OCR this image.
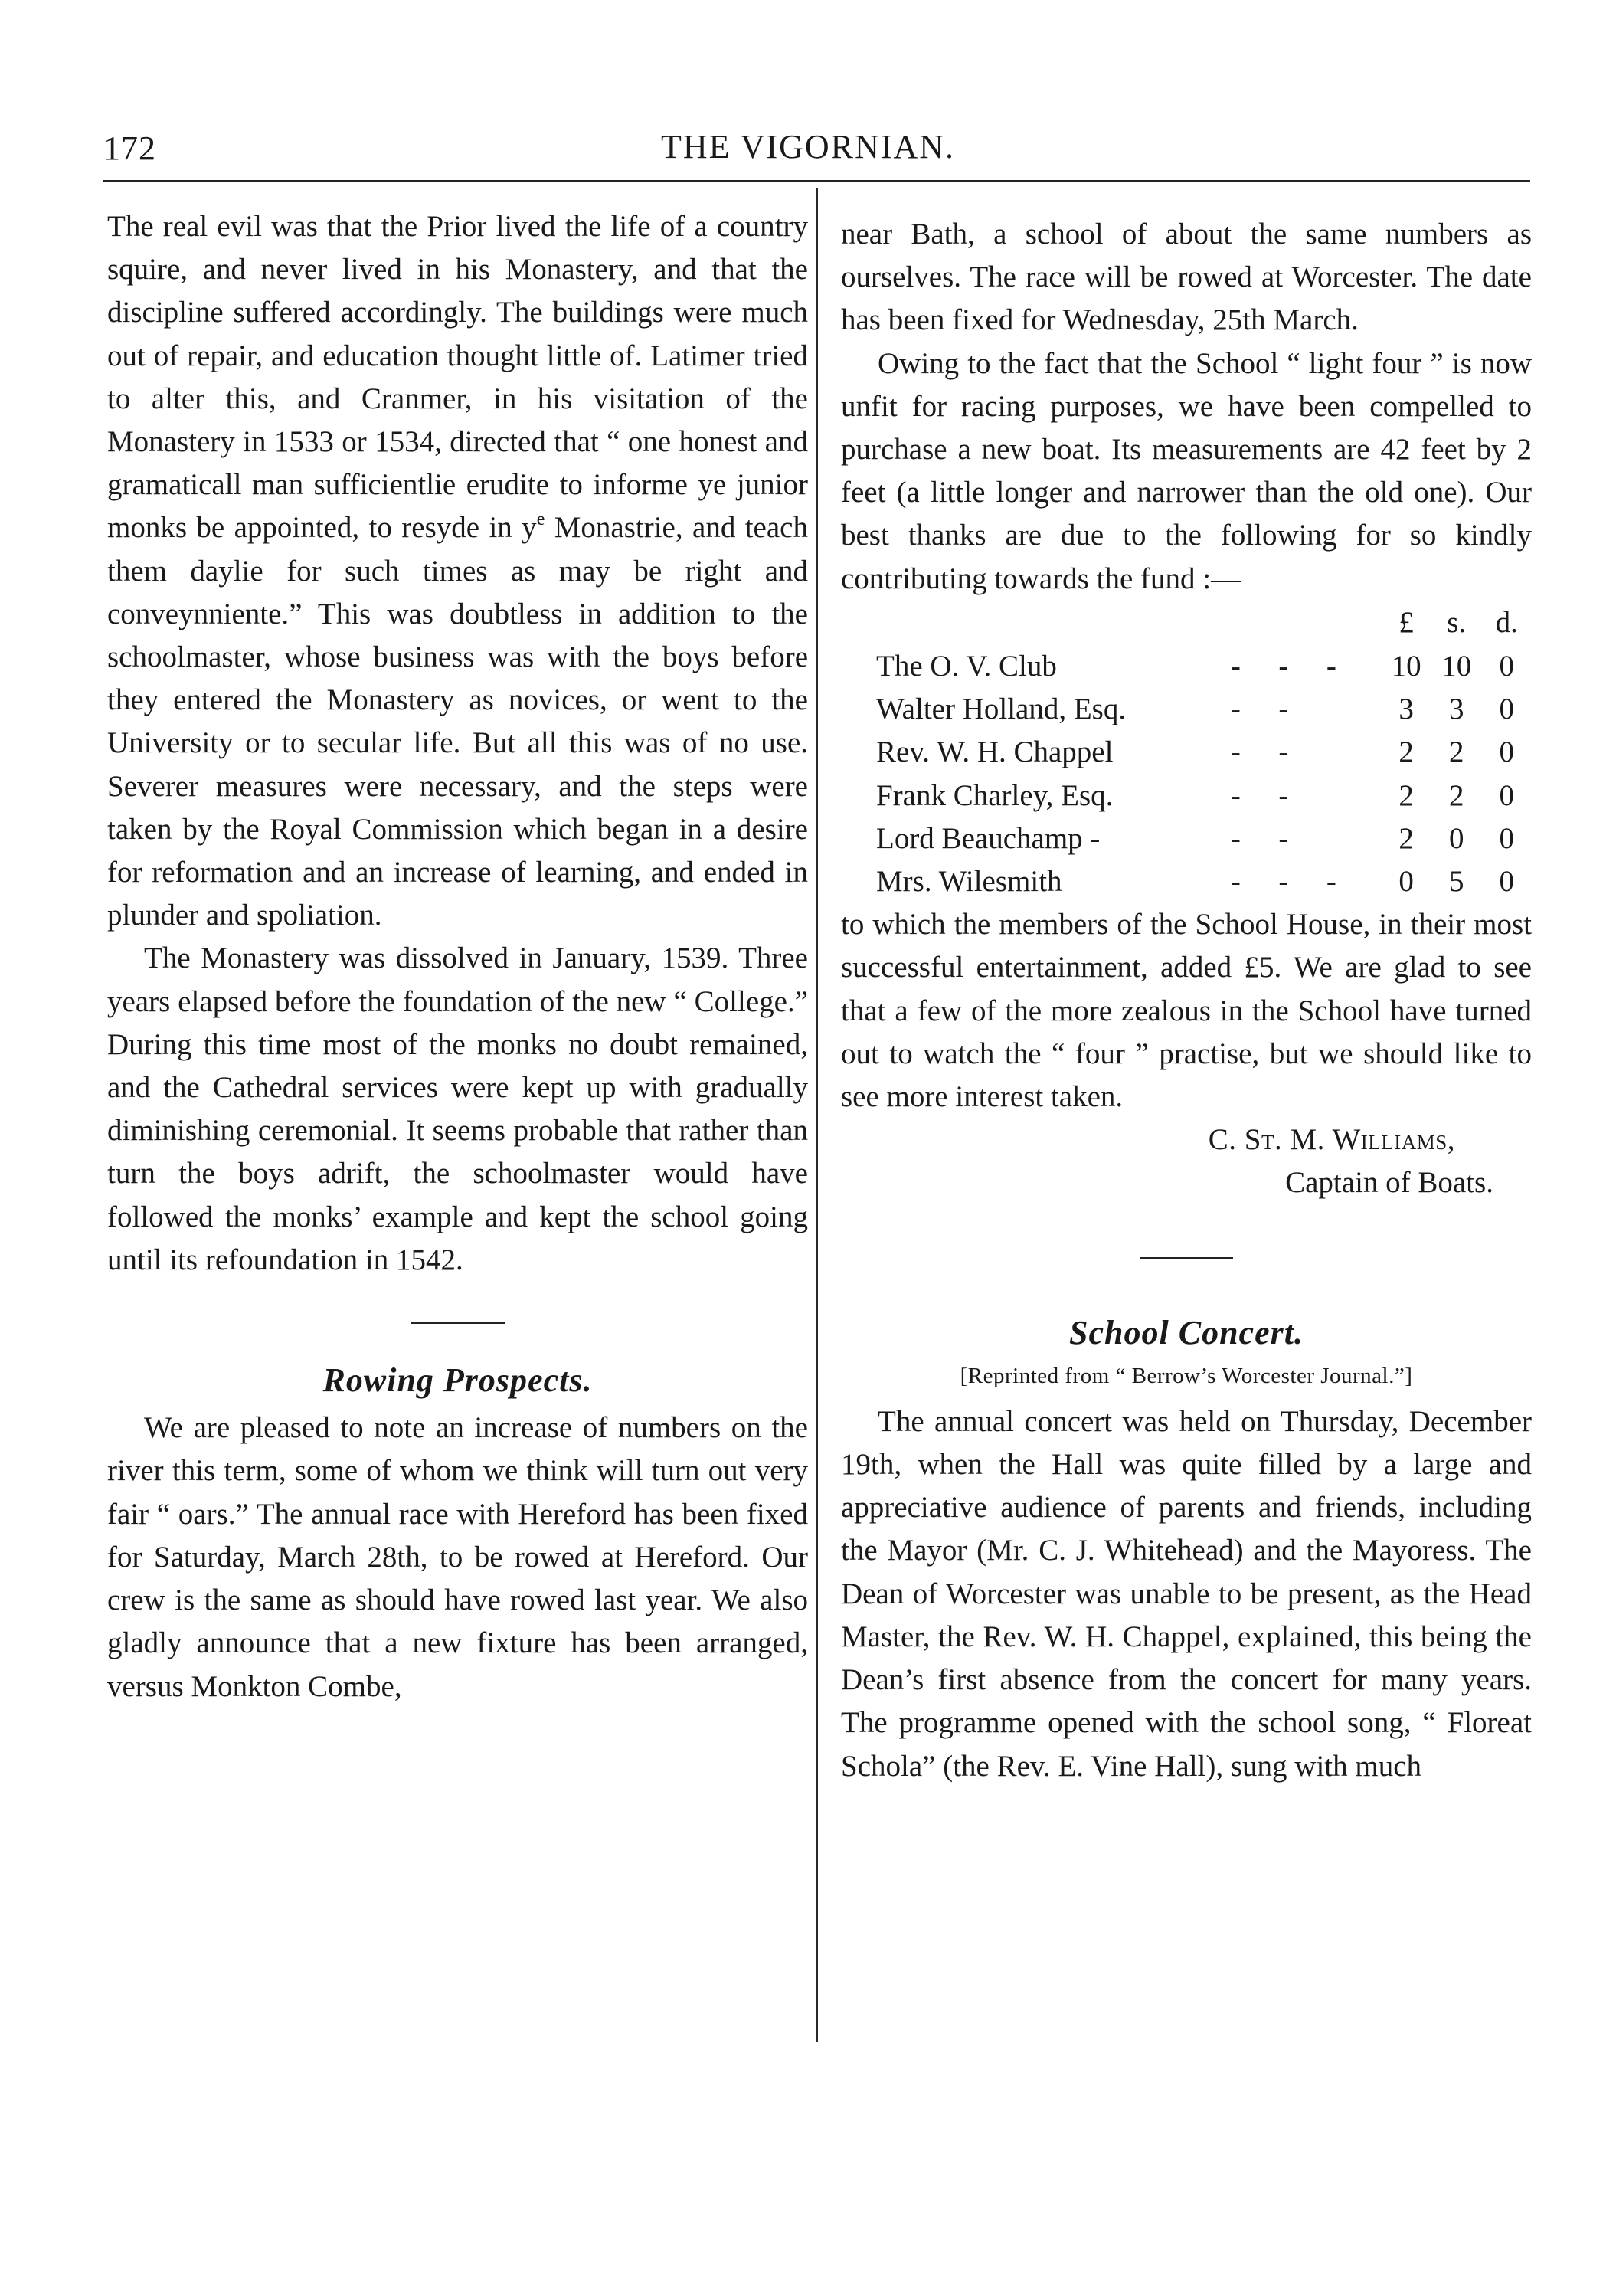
172	THE VIGORNIAN.

The real evil was that the Prior lived the life of a country squire, and never lived in his Monastery, and that the discipline suffered accordingly. The buildings were much out of repair, and education thought little of. Latimer tried to alter this, and Cranmer, in his visitation of the Monastery in 1533 or 1534, directed that “ one honest and gramaticall man sufficientlie erudite to informe ye junior monks be appointed, to resyde in $y^e$ Monastrie, and teach them daylie for such times as may be right and conveynniente.” This was doubtless in addition to the schoolmaster, whose business was with the boys before they entered the Monastery as novices, or went to the University or to secular life. But all this was of no use. Severer measures were necessary, and the steps were taken by the Royal Commission which began in a desire for reformation and an increase of learning, and ended in plunder and spoliation.

The Monastery was dissolved in January, 1539. Three years elapsed before the foundation of the new “ College.” During this time most of the monks no doubt remained, and the Cathedral services were kept up with gradually diminishing ceremonial. It seems probable that rather than turn the boys adrift, the schoolmaster would have followed the monks’ example and kept the school going until its refoundation in 1542.

Rowing Prospects.

We are pleased to note an increase of numbers on the river this term, some of whom we think will turn out very fair “ oars.” The annual race with Hereford has been fixed for Saturday, March 28th, to be rowed at Hereford. Our crew is the same as should have rowed last year. We also gladly announce that a new fixture has been arranged, versus Monkton Combe,

near Bath, a school of about the same numbers as ourselves. The race will be rowed at Worcester. The date has been fixed for Wednesday, 25th March.

Owing to the fact that the School “ light four ” is now unfit for racing purposes, we have been compelled to purchase a new boat. Its measurements are 42 feet by 2 feet (a little longer and narrower than the old one). Our best thanks are due to the following for so kindly contributing towards the fund :—

		£	s.	d.
The O. V. Club	-  -  -	10	10	0
Walter Holland, Esq.	-  -	3	3	0
Rev. W. H. Chappel	-  -	2	2	0
Frank Charley, Esq.	-  -	2	2	0
Lord Beauchamp -	-  -	2	0	0
Mrs. Wilesmith	-  -  -	0	5	0

to which the members of the School House, in their most successful entertainment, added £5. We are glad to see that a few of the more zealous in the School have turned out to watch the “ four ” practise, but we should like to see more interest taken.

C. St. M. Williams,
Captain of Boats.
School Concert.
[Reprinted from “ Berrow’s Worcester Journal.”]

The annual concert was held on Thursday, December 19th, when the Hall was quite filled by a large and appreciative audience of parents and friends, including the Mayor (Mr. C. J. Whitehead) and the Mayoress. The Dean of Worcester was unable to be present, as the Head Master, the Rev. W. H. Chappel, explained, this being the Dean’s first absence from the concert for many years. The programme opened with the school song, “ Floreat Schola” (the Rev. E. Vine Hall), sung with much
